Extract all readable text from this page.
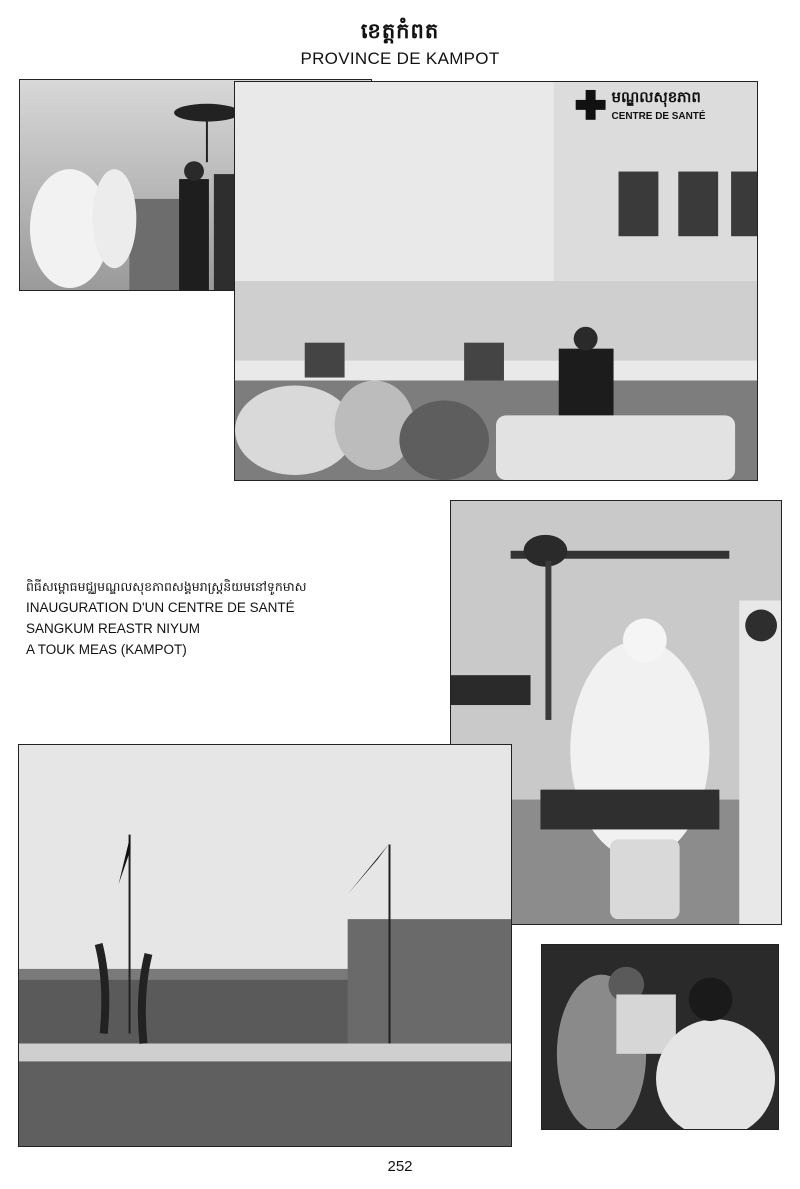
ខេត្តកំពត
PROVINCE DE KAMPOT
មណ្ឌលសុខភាព
CENTRE DE SANTÉ
ពិធីសម្ពោធមជ្ឈមណ្ឌលសុខភាពសង្គមរាស្ត្រនិយមនៅទូកមាស
INAUGURATION D'UN CENTRE DE SANTÉ
SANGKUM REASTR NIYUM
A TOUK MEAS (KAMPOT)
252
